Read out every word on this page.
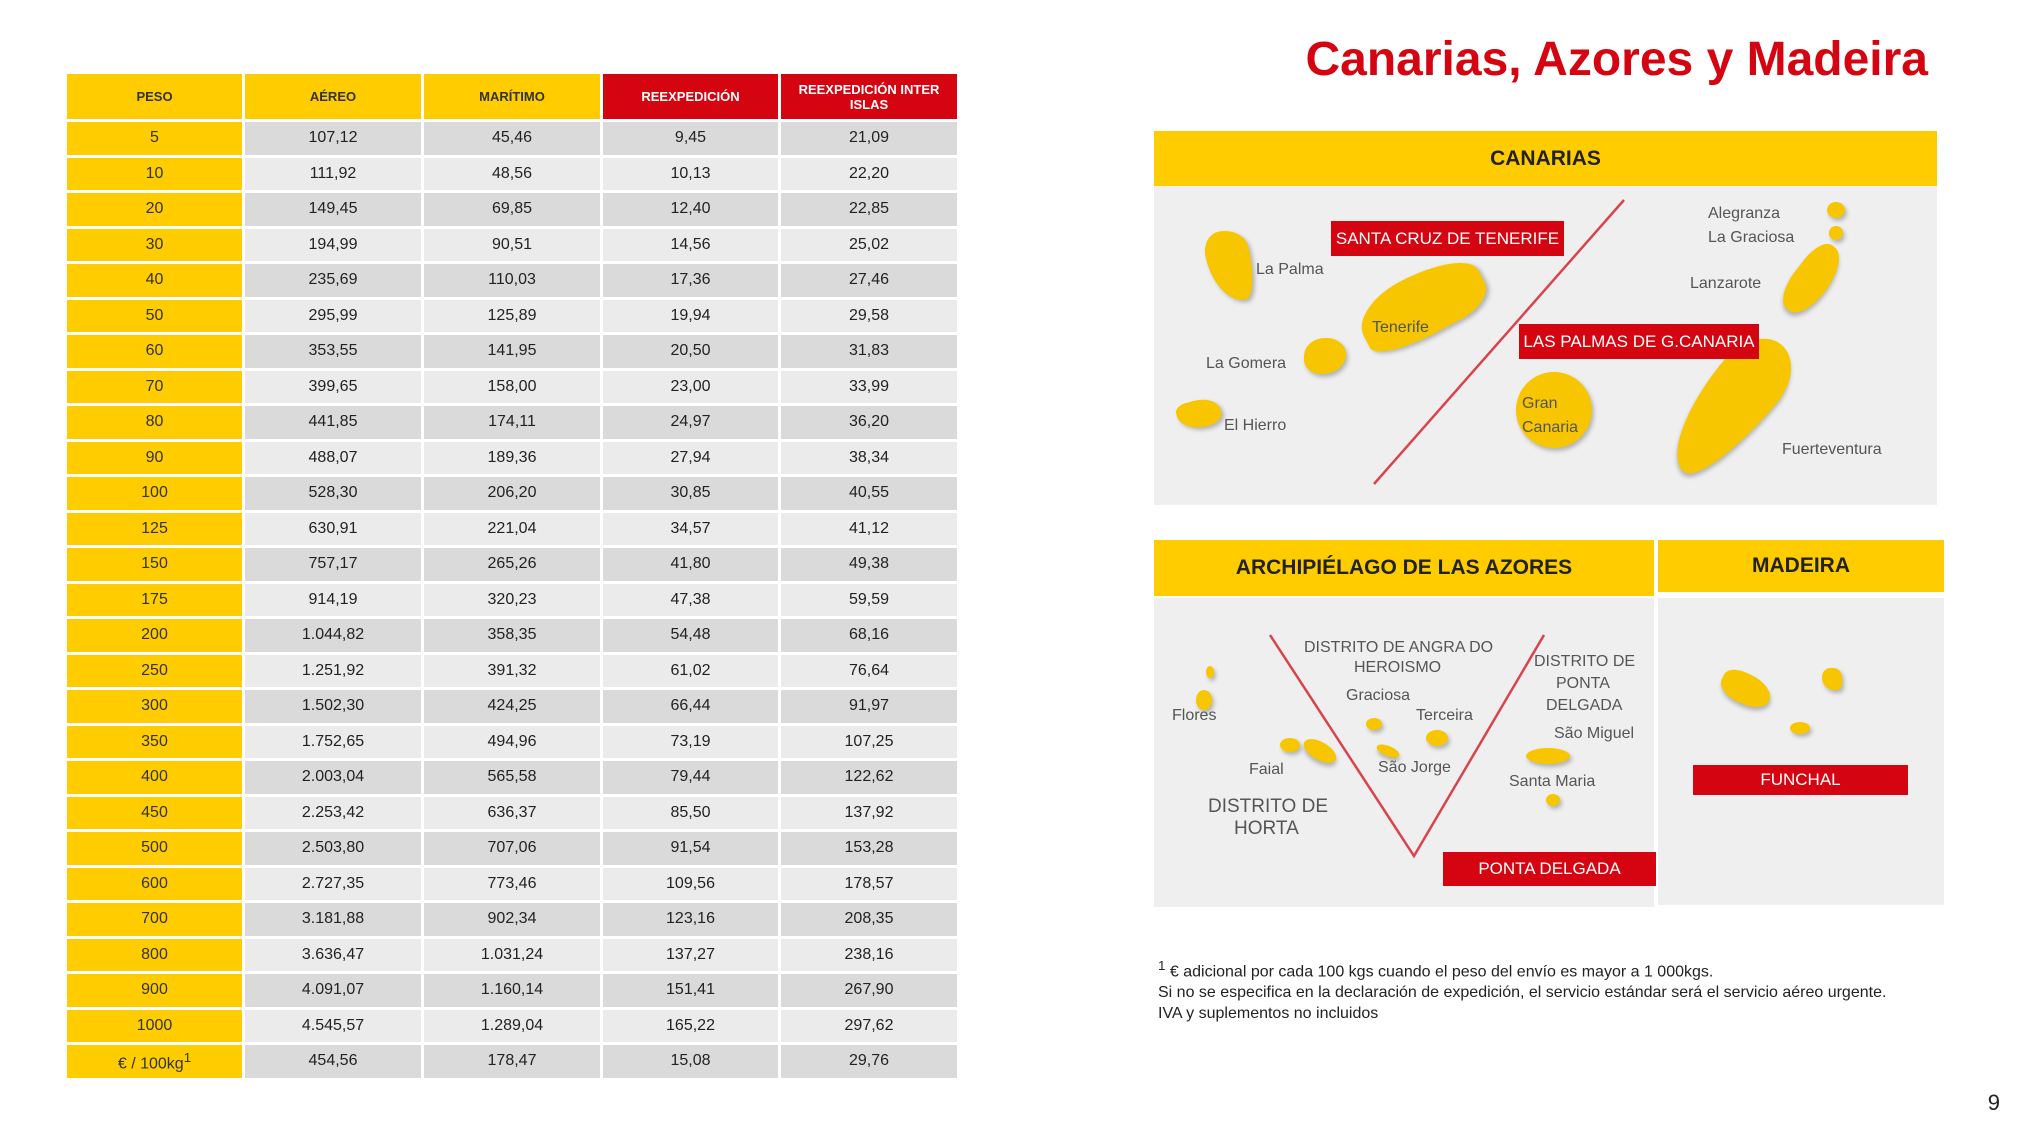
PESO	AÉREO	MARÍTIMO	REEXPEDICIÓN	REEXPEDICIÓN INTER ISLAS
5	107,12	45,46	9,45	21,09
10	111,92	48,56	10,13	22,20
20	149,45	69,85	12,40	22,85
30	194,99	90,51	14,56	25,02
40	235,69	110,03	17,36	27,46
50	295,99	125,89	19,94	29,58
60	353,55	141,95	20,50	31,83
70	399,65	158,00	23,00	33,99
80	441,85	174,11	24,97	36,20
90	488,07	189,36	27,94	38,34
100	528,30	206,20	30,85	40,55
125	630,91	221,04	34,57	41,12
150	757,17	265,26	41,80	49,38
175	914,19	320,23	47,38	59,59
200	1.044,82	358,35	54,48	68,16
250	1.251,92	391,32	61,02	76,64
300	1.502,30	424,25	66,44	91,97
350	1.752,65	494,96	73,19	107,25
400	2.003,04	565,58	79,44	122,62
450	2.253,42	636,37	85,50	137,92
500	2.503,80	707,06	91,54	153,28
600	2.727,35	773,46	109,56	178,57
700	3.181,88	902,34	123,16	208,35
800	3.636,47	1.031,24	137,27	238,16
900	4.091,07	1.160,14	151,41	267,90
1000	4.545,57	1.289,04	165,22	297,62
€ / $100kg^1$	454,56	178,47	15,08	29,76
Canarias, Azores y Madeira
La Palma
La Gomera
El Hierro
Tenerife
Gran
Canaria
Alegranza
La Graciosa
Lanzarote
Fuerteventura
CANARIAS
SANTA CRUZ DE TENERIFE
LAS PALMAS DE G.CANARIA
Flores
Faial
Graciosa
Terceira
São Jorge
São Miguel
Santa Maria
DISTRITO DE ANGRA DO
HEROISMO	DISTRITO DE
PONTA
DELGADA
DISTRITO DE
HORTA
ARCHIPIÉLAGO DE LAS AZORES
PONTA DELGADA
MADEIRA
FUNCHAL

$^1$ € adicional por cada 100 kgs cuando el peso del envío es mayor a 1 000kgs.

Si no se especifica en la declaración de expedición, el servicio estándar será el servicio aéreo urgente.

IVA y suplementos no incluidos

9
